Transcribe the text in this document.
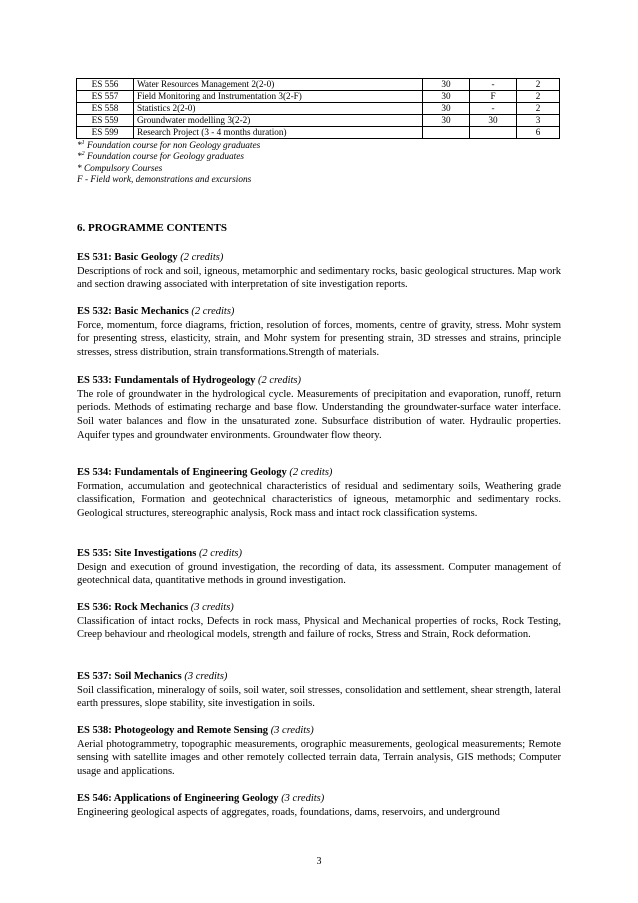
ES 556	Water Resources Management 2(2-0)	30	-	2
ES 557	Field Monitoring and Instrumentation 3(2-F)	30	F	2
ES 558	Statistics 2(2-0)	30	-	2
ES 559	Groundwater modelling 3(2-2)	30	30	3
ES 599	Research Project (3 - 4 months duration)			6
*$^1$ Foundation course for non Geology graduates
*$^2$ Foundation course for Geology graduates
* Compulsory Courses
F - Field work, demonstrations and excursions
6. PROGRAMME CONTENTS
ES 531: Basic Geology (2 credits)

Descriptions of rock and soil, igneous, metamorphic and sedimentary rocks, basic geological structures. Map work and section drawing associated with interpretation of site investigation reports.

ES 532: Basic Mechanics (2 credits)

Force, momentum, force diagrams, friction, resolution of forces, moments, centre of gravity, stress. Mohr system for presenting stress, elasticity, strain, and Mohr system for presenting strain, 3D stresses and strains, principle stresses, stress distribution, strain transformations.Strength of materials.

ES 533: Fundamentals of Hydrogeology (2 credits)

The role of groundwater in the hydrological cycle. Measurements of precipitation and evaporation, runoff, return periods. Methods of estimating recharge and base flow. Understanding the groundwater-surface water interface. Soil water balances and flow in the unsaturated zone. Subsurface distribution of water. Hydraulic properties. Aquifer types and groundwater environments. Groundwater flow theory.

ES 534: Fundamentals of Engineering Geology (2 credits)

Formation, accumulation and geotechnical characteristics of residual and sedimentary soils, Weathering grade classification, Formation and geotechnical characteristics of igneous, metamorphic and sedimentary rocks. Geological structures, stereographic analysis, Rock mass and intact rock classification systems.

ES 535: Site Investigations (2 credits)

Design and execution of ground investigation, the recording of data, its assessment. Computer management of geotechnical data, quantitative methods in ground investigation.

ES 536: Rock Mechanics (3 credits)

Classification of intact rocks, Defects in rock mass, Physical and Mechanical properties of rocks, Rock Testing, Creep behaviour and rheological models, strength and failure of rocks, Stress and Strain, Rock deformation.

ES 537: Soil Mechanics (3 credits)

Soil classification, mineralogy of soils, soil water, soil stresses, consolidation and settlement, shear strength, lateral earth pressures, slope stability, site investigation in soils.

ES 538: Photogeology and Remote Sensing (3 credits)

Aerial photogrammetry, topographic measurements, orographic measurements, geological measurements; Remote sensing with satellite images and other remotely collected terrain data, Terrain analysis, GIS methods; Computer usage and applications.

ES 546: Applications of Engineering Geology (3 credits)

Engineering geological aspects of aggregates, roads, foundations, dams, reservoirs, and underground

3
